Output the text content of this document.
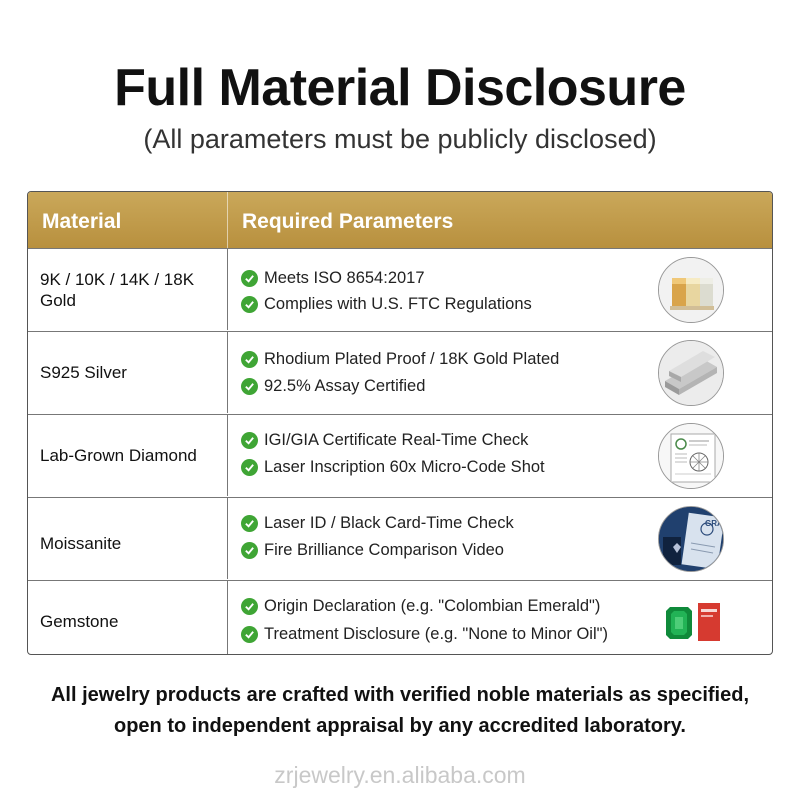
Full Material Disclosure
(All parameters must be publicly disclosed)
Material	Required Parameters
9K / 10K / 14K / 18K Gold
Meets ISO 8654:2017
Complies with U.S. FTC Regulations
S925 Silver
Rhodium Plated Proof / 18K Gold Plated
92.5% Assay Certified
Lab-Grown Diamond
IGI/GIA Certificate Real-Time Check
Laser Inscription 60x Micro-Code Shot
Moissanite
Laser ID / Black Card-Time Check
Fire Brilliance Comparison Video
GRA
Gemstone
Origin Declaration (e.g. "Colombian Emerald")
Treatment Disclosure (e.g. "None to Minor Oil")
All jewelry products are crafted with verified noble materials as specified,
open to independent appraisal by any accredited laboratory.
zrjewelry.en.alibaba.com
